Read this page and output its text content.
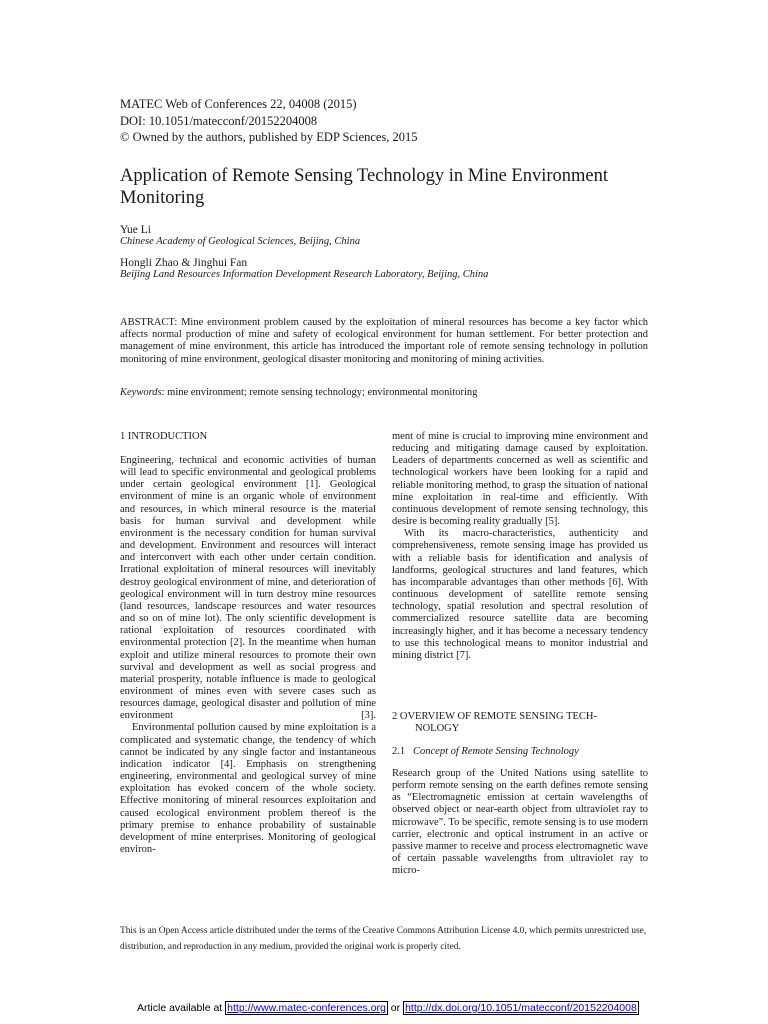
MATEC Web of Conferences 22, 04008 (2015)
DOI: 10.1051/matecconf/20152204008
© Owned by the authors, published by EDP Sciences, 2015
Application of Remote Sensing Technology in Mine Environment Monitoring
Yue Li
Chinese Academy of Geological Sciences, Beijing, China
Hongli Zhao & Jinghui Fan
Beijing Land Resources Information Development Research Laboratory, Beijing, China
ABSTRACT: Mine environment problem caused by the exploitation of mineral resources has become a key factor which affects normal production of mine and safety of ecological environment for human settlement. For better protection and management of mine environment, this article has introduced the important role of remote sensing technology in pollution monitoring of mine environment, geological disaster monitoring and monitoring of mining activities.
Keywords: mine environment; remote sensing technology; environmental monitoring
1 INTRODUCTION

Engineering, technical and economic activities of human will lead to specific environmental and geological problems under certain geological environment [1]. Geological environment of mine is an organic whole of environment and resources, in which mineral resource is the material basis for human survival and development while environment is the necessary condition for human survival and development. Environment and resources will interact and interconvert with each other under certain condition. Irrational exploitation of mineral resources will inevitably destroy geological environment of mine, and deterioration of geological environment will in turn destroy mine resources (land resources, landscape resources and water resources and so on of mine lot). The only scientific development is rational exploitation of resources coordinated with environmental protection [2]. In the meantime when human exploit and utilize mineral resources to promote their own survival and development as well as social progress and material prosperity, notable influence is made to geological environment of mines even with severe cases such as resources damage, geological disaster and pollution of mine environment [3].

Environmental pollution caused by mine exploitation is a complicated and systematic change, the tendency of which cannot be indicated by any single factor and instantaneous indication indicator [4]. Emphasis on strengthening engineering, environmental and geological survey of mine exploitation has evoked concern of the whole society. Effective monitoring of mineral resources exploitation and caused ecological environment problem thereof is the primary premise to enhance probability of sustainable development of mine enterprises. Monitoring of geological environ-

ment of mine is crucial to improving mine environment and reducing and mitigating damage caused by exploitation. Leaders of departments concerned as well as scientific and technological workers have been looking for a rapid and reliable monitoring method, to grasp the situation of national mine exploitation in real-time and efficiently. With continuous development of remote sensing technology, this desire is becoming reality gradually [5].

With its macro-characteristics, authenticity and comprehensiveness, remote sensing image has provided us with a reliable basis for identification and analysis of landforms, geological structures and land features, which has incomparable advantages than other methods [6]. With continuous development of satellite remote sensing technology, spatial resolution and spectral resolution of commercialized resource satellite data are becoming increasingly higher, and it has become a necessary tendency to use this technological means to monitor industrial and mining district [7].

2 OVERVIEW OF REMOTE SENSING TECH-
NOLOGY
2.1 Concept of Remote Sensing Technology

Research group of the United Nations using satellite to perform remote sensing on the earth defines remote sensing as “Electromagnetic emission at certain wavelengths of observed object or near-earth object from ultraviolet ray to microwave”. To be specific, remote sensing is to use modern carrier, electronic and optical instrument in an active or passive manner to receive and process electromagnetic wave of certain passable wavelengths from ultraviolet ray to micro-

This is an Open Access article distributed under the terms of the Creative Commons Attribution License 4.0, which permits unrestricted use, distribution, and reproduction in any medium, provided the original work is properly cited.
Article available at http://www.matec-conferences.org or http://dx.doi.org/10.1051/matecconf/20152204008
